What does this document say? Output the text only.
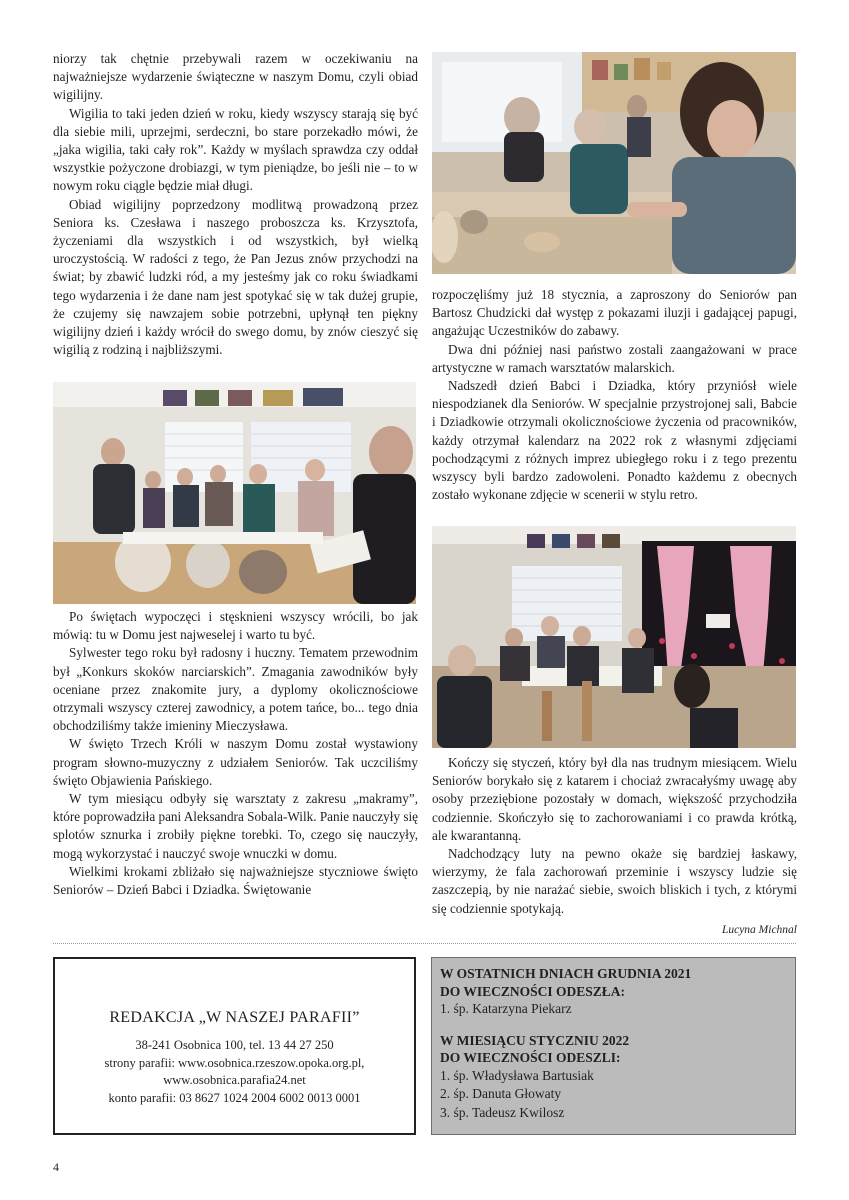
niorzy tak chętnie przebywali razem w oczekiwaniu na najważniejsze wydarzenie świąteczne w naszym Domu, czyli obiad wigilijny.

Wigilia to taki jeden dzień w roku, kiedy wszyscy starają się być dla siebie mili, uprzejmi, serdeczni, bo stare porzekadło mówi, że „jaka wigilia, taki cały rok”. Każdy w myślach sprawdza czy oddał wszystkie pożyczone drobiazgi, w tym pieniądze, bo jeśli nie – to w nowym roku ciągle będzie miał długi.

Obiad wigilijny poprzedzony modlitwą prowadzoną przez Seniora ks. Czesława i naszego proboszcza ks. Krzysztofa, życzeniami dla wszystkich i od wszystkich, był wielką uroczystością. W radości z tego, że Pan Jezus znów przychodzi na świat; by zbawić ludzki ród, a my jesteśmy jak co roku świadkami tego wydarzenia i że dane nam jest spotykać się w tak dużej grupie, że czujemy się nawzajem sobie potrzebni, upłynął ten piękny wigilijny dzień i każdy wrócił do swego domu, by znów cieszyć się wigilią z rodziną i najbliższymi.

rozpoczęliśmy już 18 stycznia, a zaproszony do Seniorów pan Bartosz Chudzicki dał występ z pokazami iluzji i gadającej papugi, angażując Uczestników do zabawy.

Dwa dni później nasi państwo zostali zaangażowani w prace artystyczne w ramach warsztatów malarskich.

Nadszedł dzień Babci i Dziadka, który przyniósł wiele niespodzianek dla Seniorów. W specjalnie przystrojonej sali, Babcie i Dziadkowie otrzymali okolicznościowe życzenia od pracowników, każdy otrzymał kalendarz na 2022 rok z własnymi zdjęciami pochodzącymi z różnych imprez ubiegłego roku i z tego prezentu wszyscy byli bardzo zadowoleni. Ponadto każdemu z obecnych zostało wykonane zdjęcie w scenerii w stylu retro.

Po świętach wypoczęci i stęsknieni wszyscy wrócili, bo jak mówią: tu w Domu jest najweselej i warto tu być.

Sylwester tego roku był radosny i huczny. Tematem przewodnim był „Konkurs skoków narciarskich”. Zmagania zawodników były oceniane przez znakomite jury, a dyplomy okolicznościowe otrzymali wszyscy czterej zawodnicy, a potem tańce, bo... tego dnia obchodziliśmy także imieniny Mieczysława.

W święto Trzech Króli w naszym Domu został wystawiony program słowno-muzyczny z udziałem Seniorów. Tak uczciliśmy święto Objawienia Pańskiego.

W tym miesiącu odbyły się warsztaty z zakresu „makramy”, które poprowadziła pani Aleksandra Sobala-Wilk. Panie nauczyły się splotów sznurka i zrobiły piękne torebki. To, czego się nauczyły, mogą wykorzystać i nauczyć swoje wnuczki w domu.

Wielkimi krokami zbliżało się najważniejsze styczniowe święto Seniorów – Dzień Babci i Dziadka. Świętowanie

Kończy się styczeń, który był dla nas trudnym miesiącem. Wielu Seniorów borykało się z katarem i chociaż zwracałyśmy uwagę aby osoby przeziębione pozostały w domach, większość przychodziła codziennie. Skończyło się to zachorowaniami i co prawda krótką, ale kwarantanną.

Nadchodzący luty na pewno okaże się bardziej łaskawy, wierzymy, że fala zachorowań przeminie i wszyscy ludzie się zaszczepią, by nie narażać siebie, swoich bliskich i tych, z którymi się codziennie spotykają.

Lucyna Michnal

REDAKCJA „W NASZEJ PARAFII”
38-241 Osobnica 100, tel. 13 44 27 250
strony parafii: www.osobnica.rzeszow.opoka.org.pl,
www.osobnica.parafia24.net
konto parafii: 03 8627 1024 2004 6002 0013 0001
W OSTATNICH DNIACH GRUDNIA 2021
DO WIECZNOŚCI ODESZŁA:
1. śp. Katarzyna Piekarz
W MIESIĄCU STYCZNIU 2022
DO WIECZNOŚCI ODESZLI:
1. śp. Władysława Bartusiak
2. śp. Danuta Głowaty
3. śp. Tadeusz Kwilosz
4
